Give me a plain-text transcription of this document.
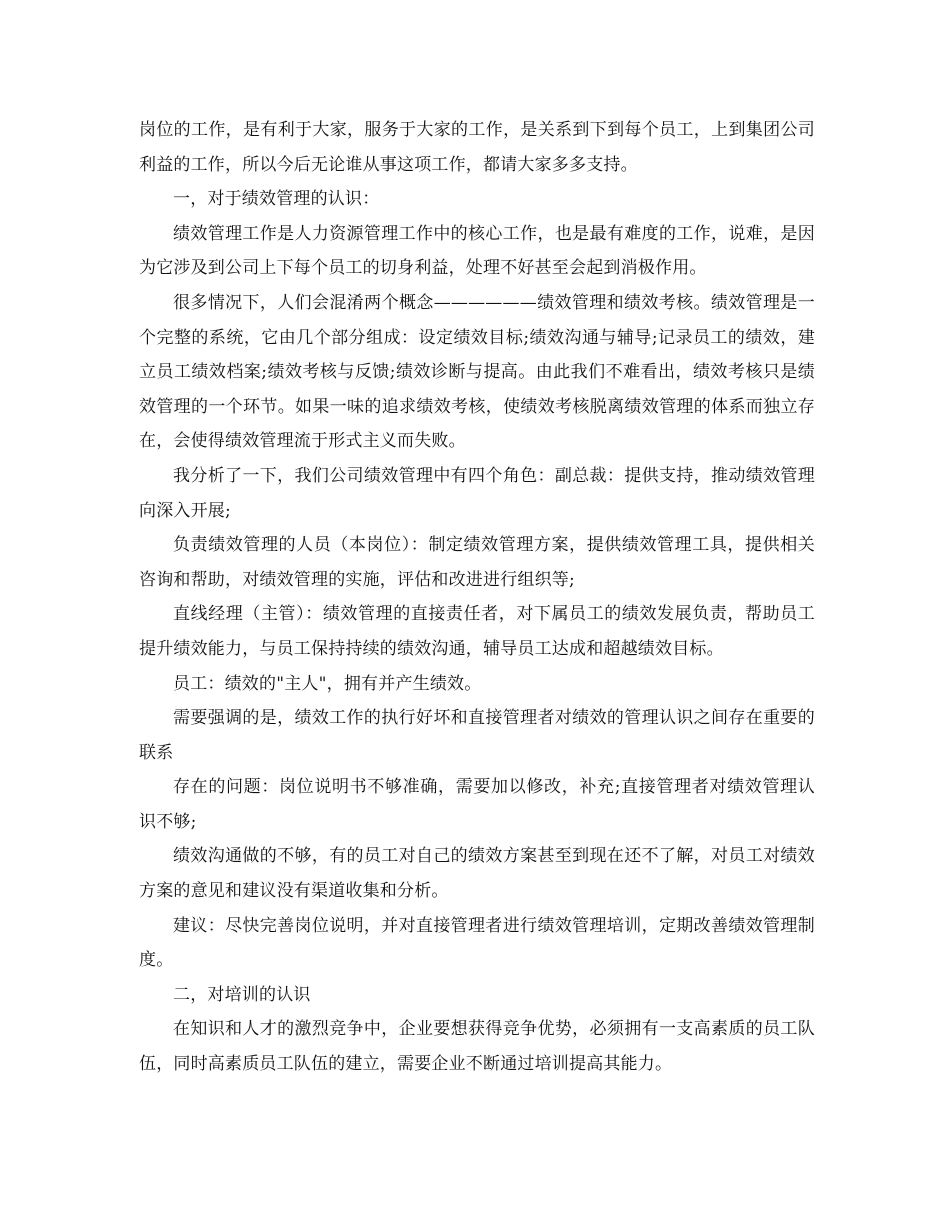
岗位的工作，是有利于大家，服务于大家的工作，是关系到下到每个员工，上到集团公司利益的工作，所以今后无论谁从事这项工作，都请大家多多支持。

一，对于绩效管理的认识：

绩效管理工作是人力资源管理工作中的核心工作，也是最有难度的工作，说难，是因为它涉及到公司上下每个员工的切身利益，处理不好甚至会起到消极作用。

很多情况下，人们会混淆两个概念——————绩效管理和绩效考核。绩效管理是一个完整的系统，它由几个部分组成：设定绩效目标;绩效沟通与辅导;记录员工的绩效，建立员工绩效档案;绩效考核与反馈;绩效诊断与提高。由此我们不难看出，绩效考核只是绩效管理的一个环节。如果一味的追求绩效考核，使绩效考核脱离绩效管理的体系而独立存在，会使得绩效管理流于形式主义而失败。

我分析了一下，我们公司绩效管理中有四个角色：副总裁：提供支持，推动绩效管理向深入开展;

负责绩效管理的人员（本岗位）：制定绩效管理方案，提供绩效管理工具，提供相关咨询和帮助，对绩效管理的实施，评估和改进进行组织等;

直线经理（主管）：绩效管理的直接责任者，对下属员工的绩效发展负责，帮助员工提升绩效能力，与员工保持持续的绩效沟通，辅导员工达成和超越绩效目标。

员工：绩效的"主人"，拥有并产生绩效。

需要强调的是，绩效工作的执行好坏和直接管理者对绩效的管理认识之间存在重要的联系

存在的问题：岗位说明书不够准确，需要加以修改，补充;直接管理者对绩效管理认识不够;

绩效沟通做的不够，有的员工对自己的绩效方案甚至到现在还不了解，对员工对绩效方案的意见和建议没有渠道收集和分析。

建议：尽快完善岗位说明，并对直接管理者进行绩效管理培训，定期改善绩效管理制度。

二，对培训的认识

在知识和人才的激烈竞争中，企业要想获得竞争优势，必须拥有一支高素质的员工队伍，同时高素质员工队伍的建立，需要企业不断通过培训提高其能力。
